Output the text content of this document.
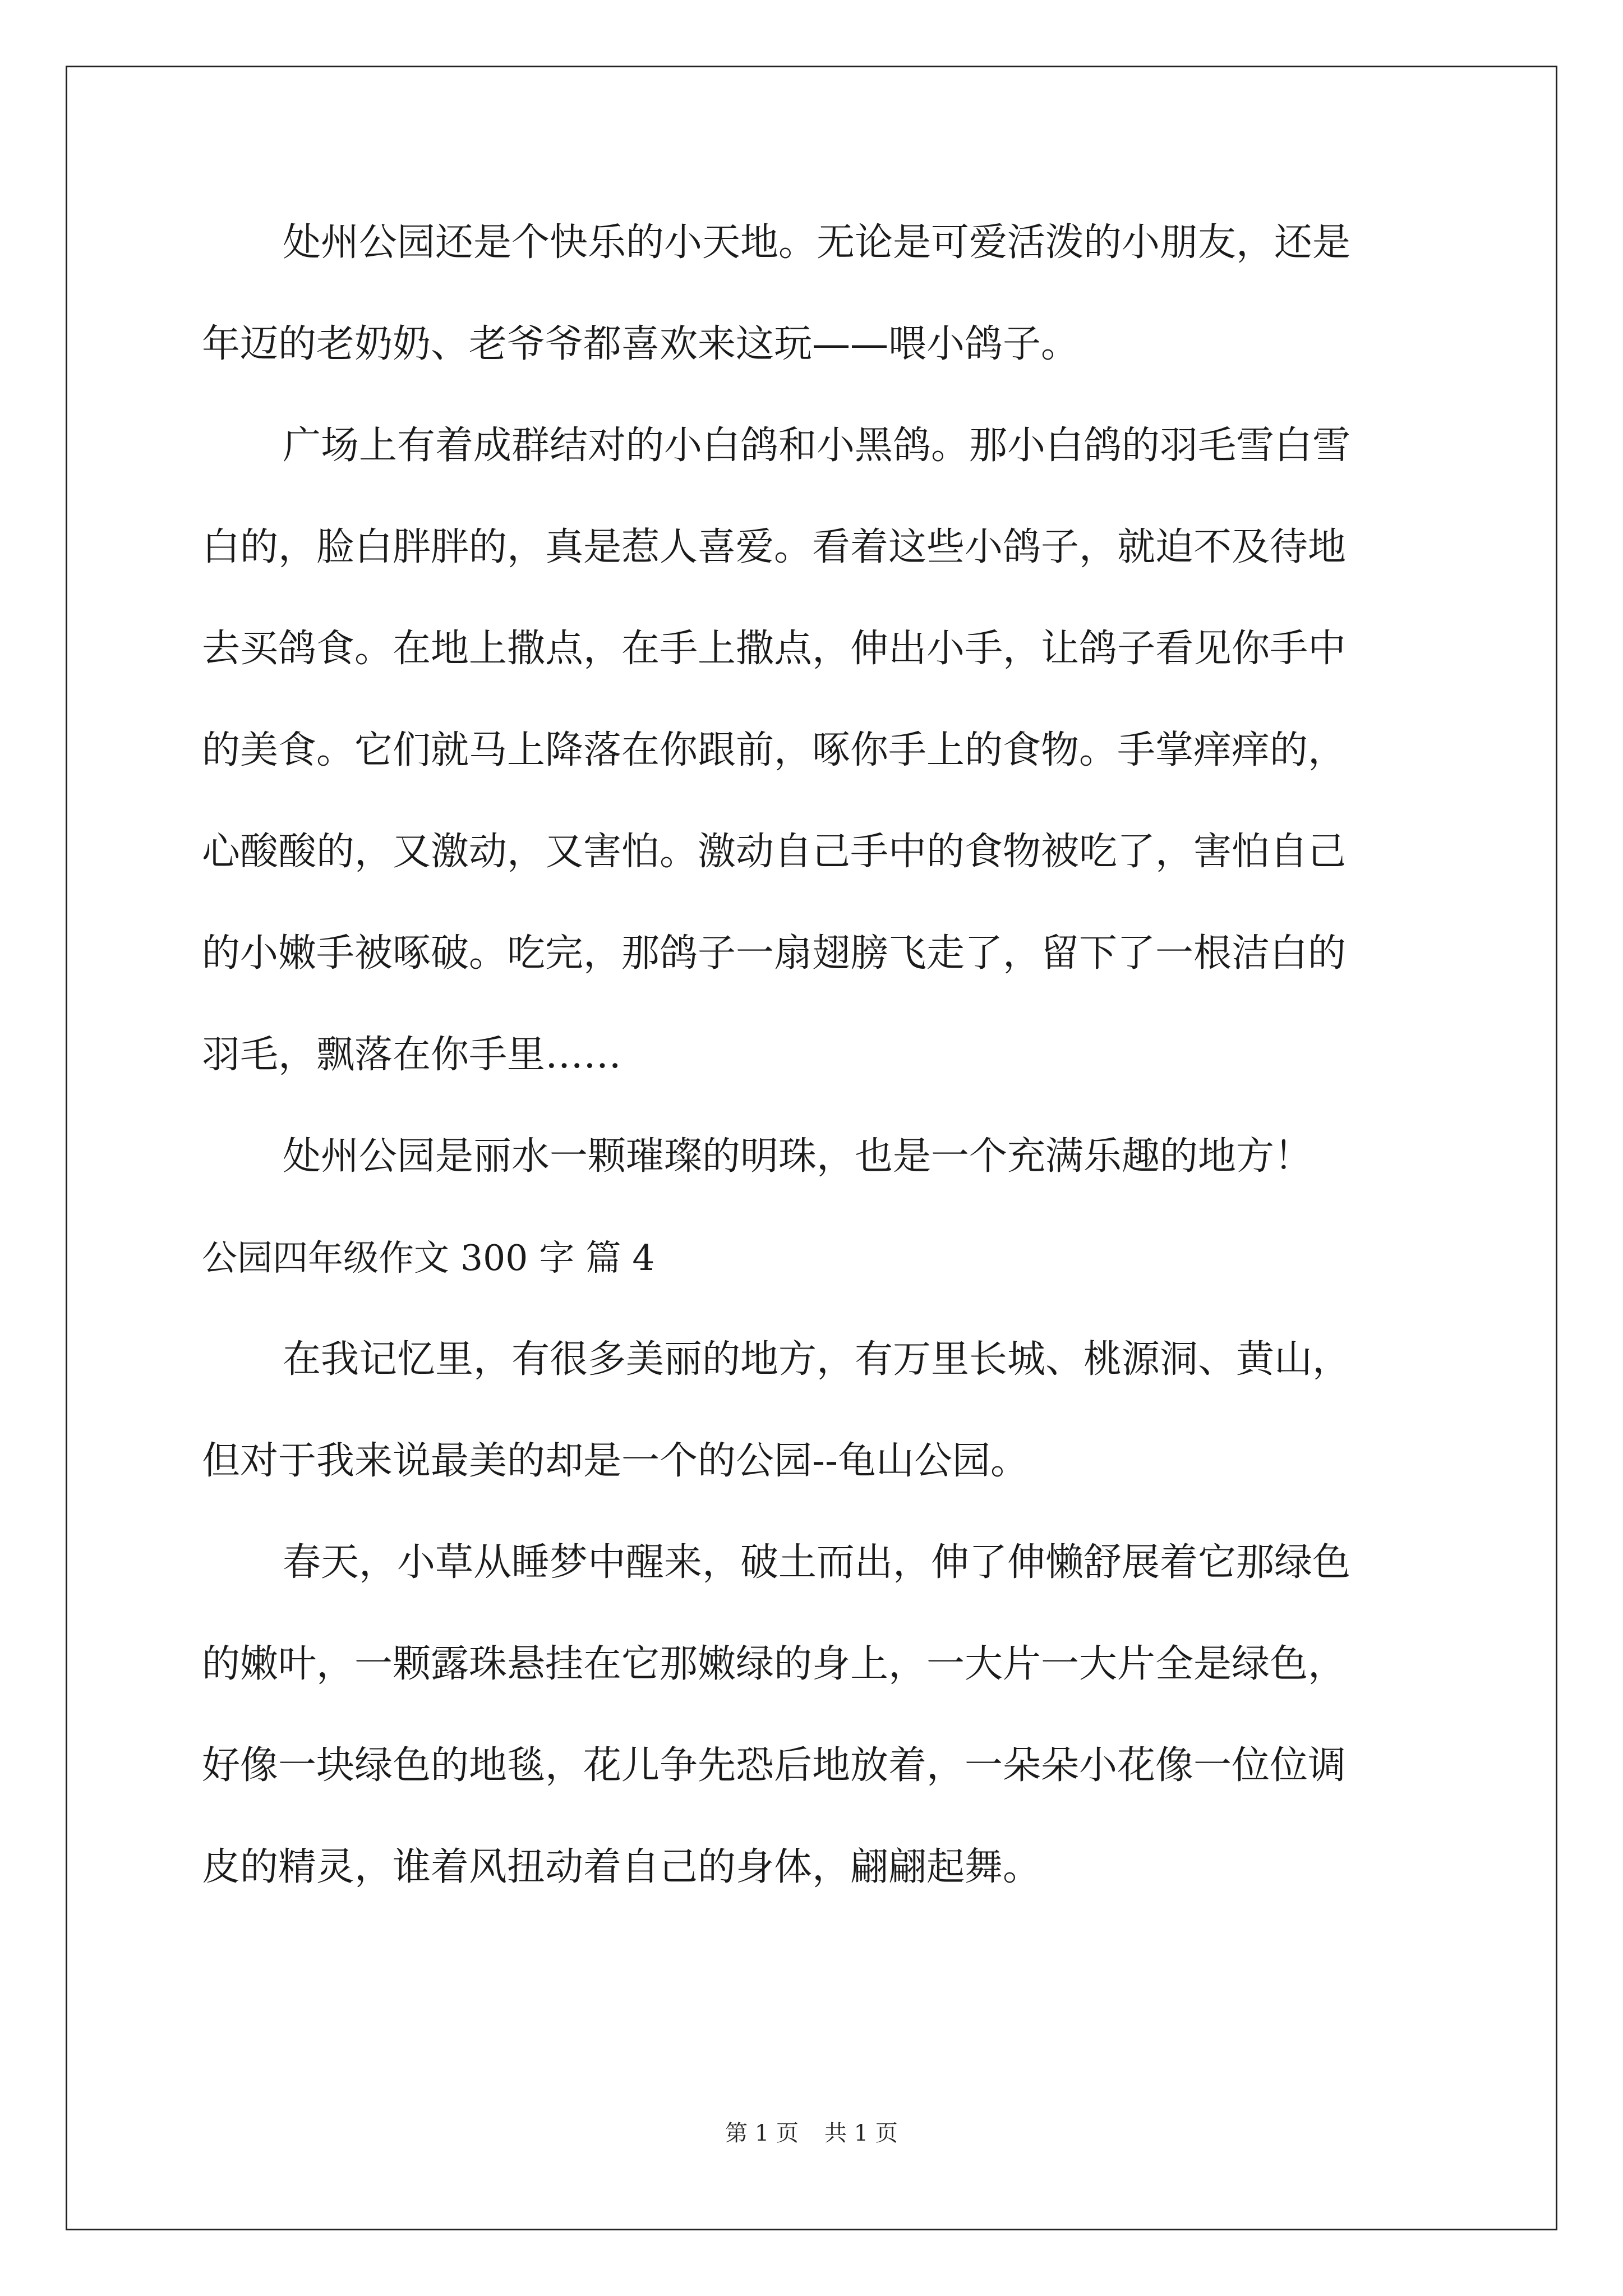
处州公园还是个快乐的小天地。无论是可爱活泼的小朋友，还是
年迈的老奶奶、老爷爷都喜欢来这玩——喂小鸽子。
广场上有着成群结对的小白鸽和小黑鸽。那小白鸽的羽毛雪白雪
白的，脸白胖胖的，真是惹人喜爱。看着这些小鸽子，就迫不及待地
去买鸽食。在地上撒点，在手上撒点，伸出小手，让鸽子看见你手中
的美食。它们就马上降落在你跟前，啄你手上的食物。手掌痒痒的，
心酸酸的，又激动，又害怕。激动自己手中的食物被吃了，害怕自己
的小嫩手被啄破。吃完，那鸽子一扇翅膀飞走了，留下了一根洁白的
羽毛，飘落在你手里……
处州公园是丽水一颗璀璨的明珠，也是一个充满乐趣的地方！
公园四年级作文 300 字 篇 4
在我记忆里，有很多美丽的地方，有万里长城、桃源洞、黄山，
但对于我来说最美的却是一个的公园--龟山公园。
春天，小草从睡梦中醒来，破土而出，伸了伸懒舒展着它那绿色
的嫩叶，一颗露珠悬挂在它那嫩绿的身上，一大片一大片全是绿色，
好像一块绿色的地毯，花儿争先恐后地放着，一朵朵小花像一位位调
皮的精灵，谁着风扭动着自己的身体，翩翩起舞。
第 1 页 共 1 页
